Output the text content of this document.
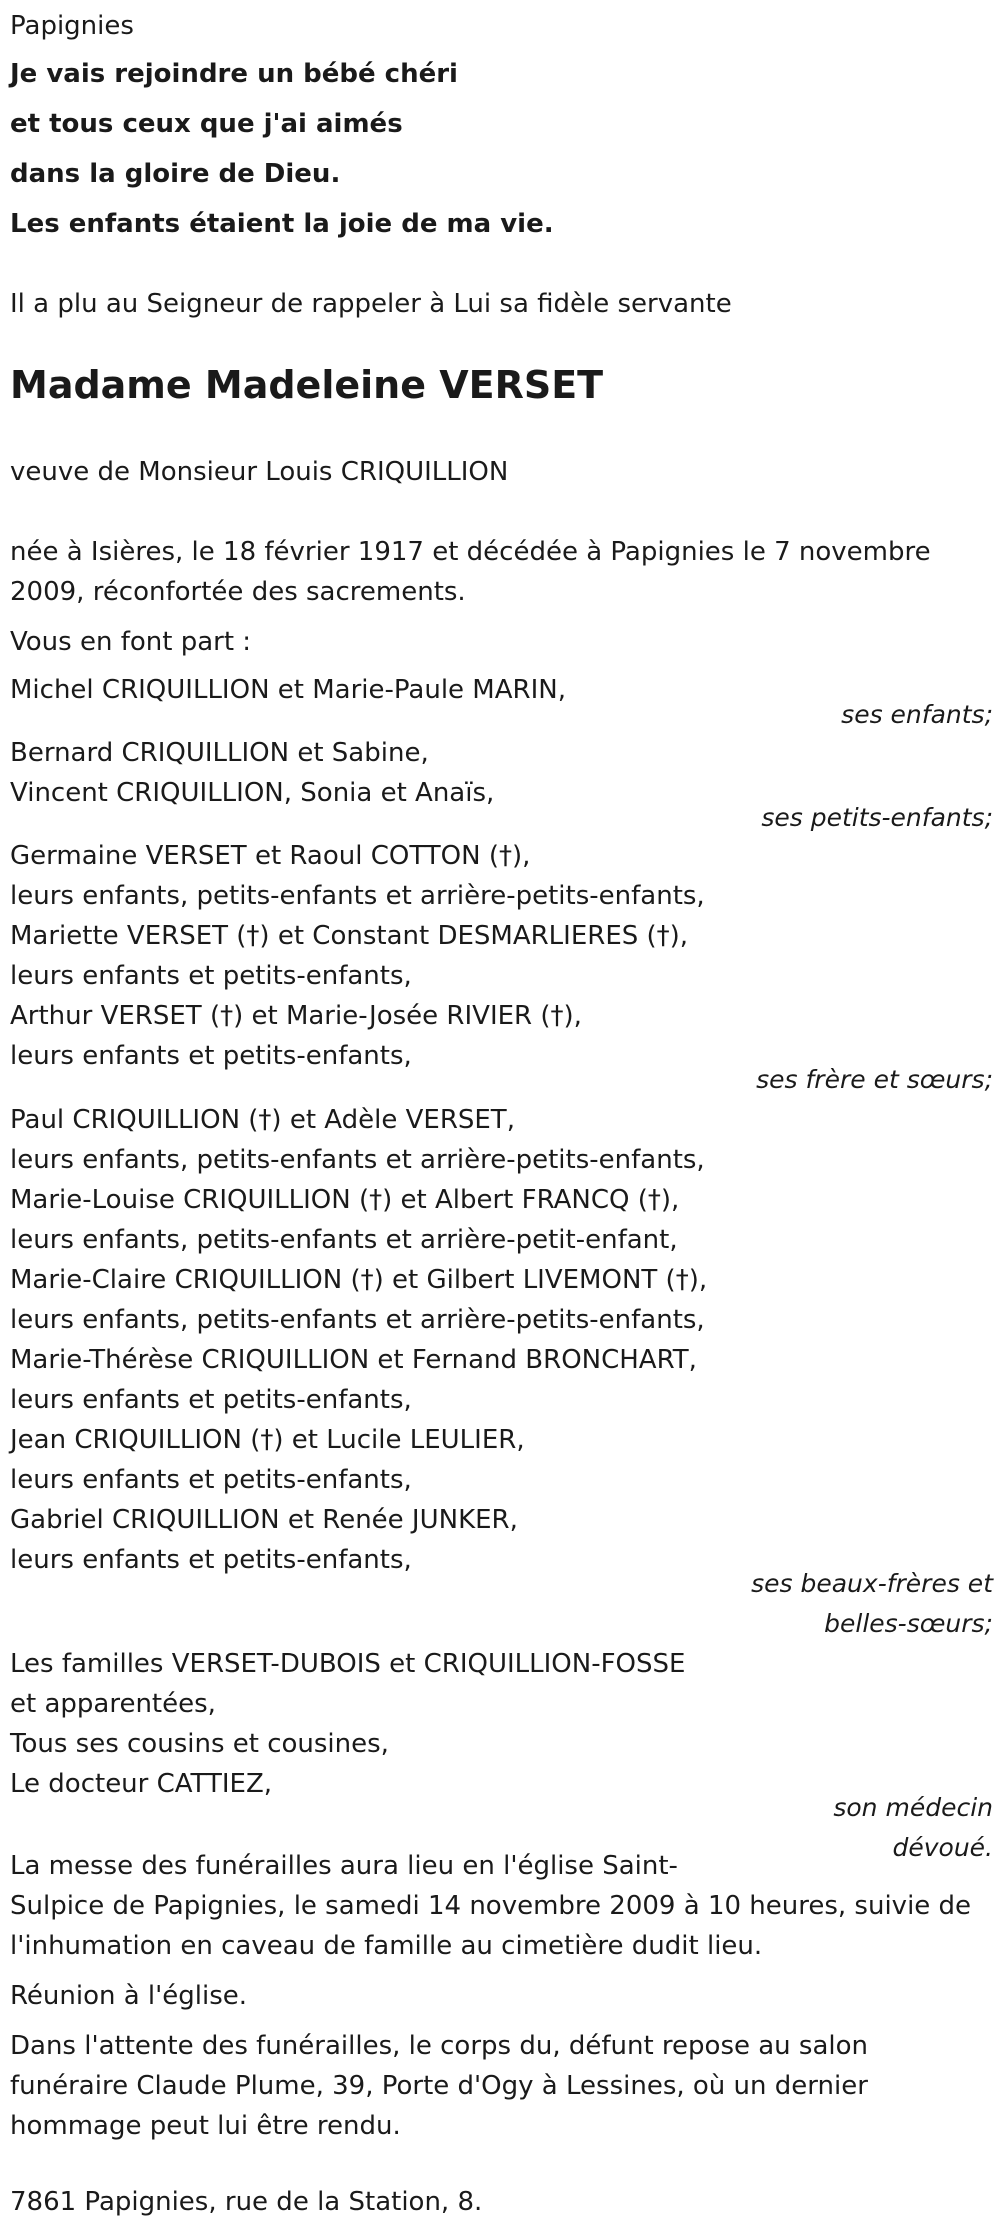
Papignies
Je vais rejoindre un bébé chéri
et tous ceux que j'ai aimés
dans la gloire de Dieu.
Les enfants étaient la joie de ma vie.
Il a plu au Seigneur de rappeler à Lui sa fidèle servante
Madame Madeleine VERSET
veuve de Monsieur Louis CRIQUILLION
née à Isières, le 18 février 1917 et décédée à Papignies le 7 novembre
2009, réconfortée des sacrements.
Vous en font part :
Michel CRIQUILLION et Marie-Paule MARIN,
ses enfants;
Bernard CRIQUILLION et Sabine,
Vincent CRIQUILLION, Sonia et Anaïs,
ses petits-enfants;
Germaine VERSET et Raoul COTTON (†),
leurs enfants, petits-enfants et arrière-petits-enfants,
Mariette VERSET (†) et Constant DESMARLIERES (†),
leurs enfants et petits-enfants,
Arthur VERSET (†) et Marie-Josée RIVIER (†),
leurs enfants et petits-enfants,
ses frère et sœurs;
Paul CRIQUILLION (†) et Adèle VERSET,
leurs enfants, petits-enfants et arrière-petits-enfants,
Marie-Louise CRIQUILLION (†) et Albert FRANCQ (†),
leurs enfants, petits-enfants et arrière-petit-enfant,
Marie-Claire CRIQUILLION (†) et Gilbert LIVEMONT (†),
leurs enfants, petits-enfants et arrière-petits-enfants,
Marie-Thérèse CRIQUILLION et Fernand BRONCHART,
leurs enfants et petits-enfants,
Jean CRIQUILLION (†) et Lucile LEULIER,
leurs enfants et petits-enfants,
Gabriel CRIQUILLION et Renée JUNKER,
leurs enfants et petits-enfants,
ses beaux-frères et
belles-sœurs;
Les familles VERSET-DUBOIS et CRIQUILLION-FOSSE
et apparentées,
Tous ses cousins et cousines,
Le docteur CATTIEZ,
son médecin
dévoué.
La messe des funérailles aura lieu en l'église Saint-
Sulpice de Papignies, le samedi 14 novembre 2009 à 10 heures, suivie de
l'inhumation en caveau de famille au cimetière dudit lieu.
Réunion à l'église.
Dans l'attente des funérailles, le corps du, défunt repose au salon
funéraire Claude Plume, 39, Porte d'Ogy à Lessines, où un dernier
hommage peut lui être rendu.
7861 Papignies, rue de la Station, 8.
